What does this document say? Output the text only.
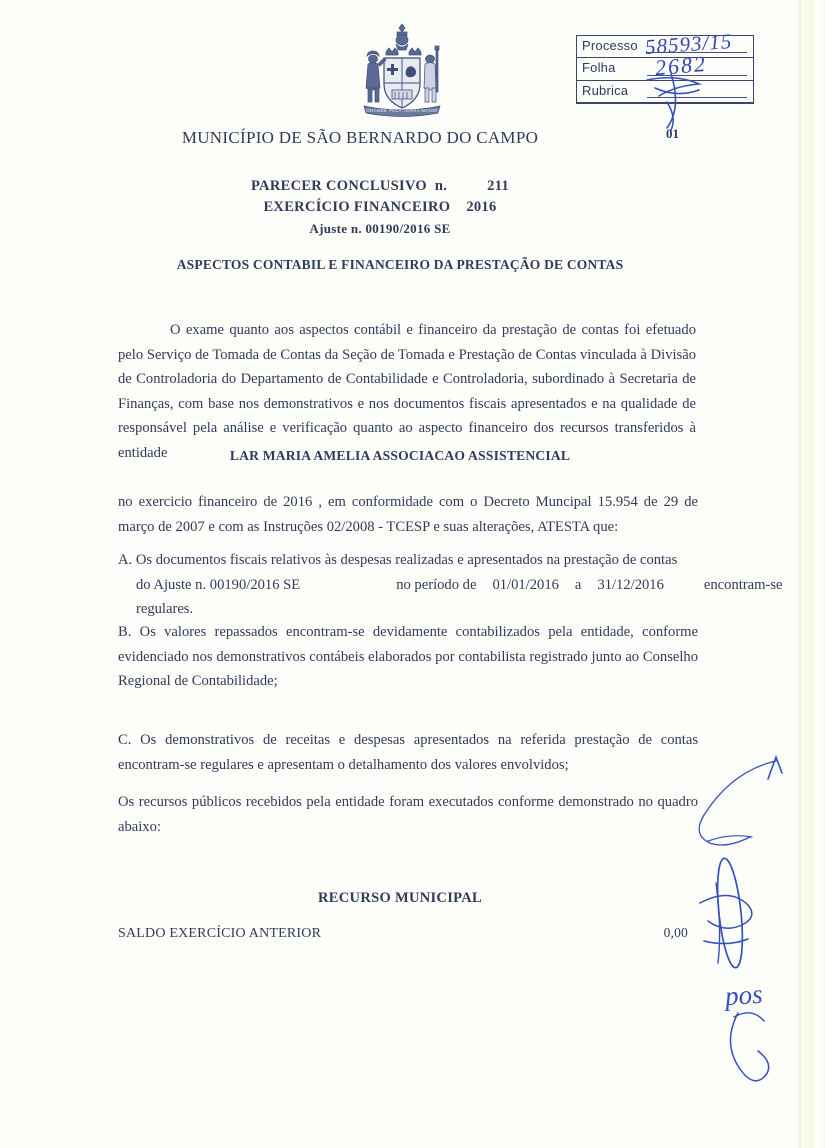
GRANDE PELA TERRA MAIOR
Processo 58593/15
Folha 2682
Rubrica
01
MUNICÍPIO DE SÃO BERNARDO DO CAMPO
PARECER CONCLUSIVO  n.	211
EXERCÍCIO FINANCEIRO 2016
Ajuste n. 00190/2016 SE
ASPECTOS CONTABIL E FINANCEIRO DA PRESTAÇÃO DE CONTAS

O exame quanto aos aspectos contábil e financeiro da prestação de contas foi efetuado pelo Serviço de Tomada de Contas da Seção de Tomada e Prestação de Contas vinculada à Divisão de Controladoria do Departamento de Contabilidade e Controladoria, subordinado à Secretaria de Finanças, com base nos demonstrativos e nos documentos fiscais apresentados e na qualidade de responsável pela análise e verificação quanto ao aspecto financeiro dos recursos transferidos à entidade	LAR MARIA AMELIA ASSOCIACAO ASSISTENCIAL
no exercicio financeiro de 2016 , em conformidade com o Decreto Muncipal 15.954 de 29 de março de 2007 e com as Instruções 02/2008 - TCESP e suas alterações, ATESTA que:
A. Os documentos fiscais relativos às despesas realizadas e apresentados na prestação de contas
do Ajuste n. 00190/2016 SE	no período de 01/01/2016 a 31/12/2016	encontram-se
regulares.
B. Os valores repassados encontram-se devidamente contabilizados pela entidade, conforme evidenciado nos demonstrativos contábeis elaborados por contabilista registrado junto ao Conselho Regional de Contabilidade;
C. Os demonstrativos de receitas e despesas apresentados na referida prestação de contas encontram-se regulares e apresentam o detalhamento dos valores envolvidos;
Os recursos públicos recebidos pela entidade foram executados conforme demonstrado no quadro abaixo:
RECURSO MUNICIPAL
SALDO EXERCÍCIO ANTERIOR	0,00
pos
